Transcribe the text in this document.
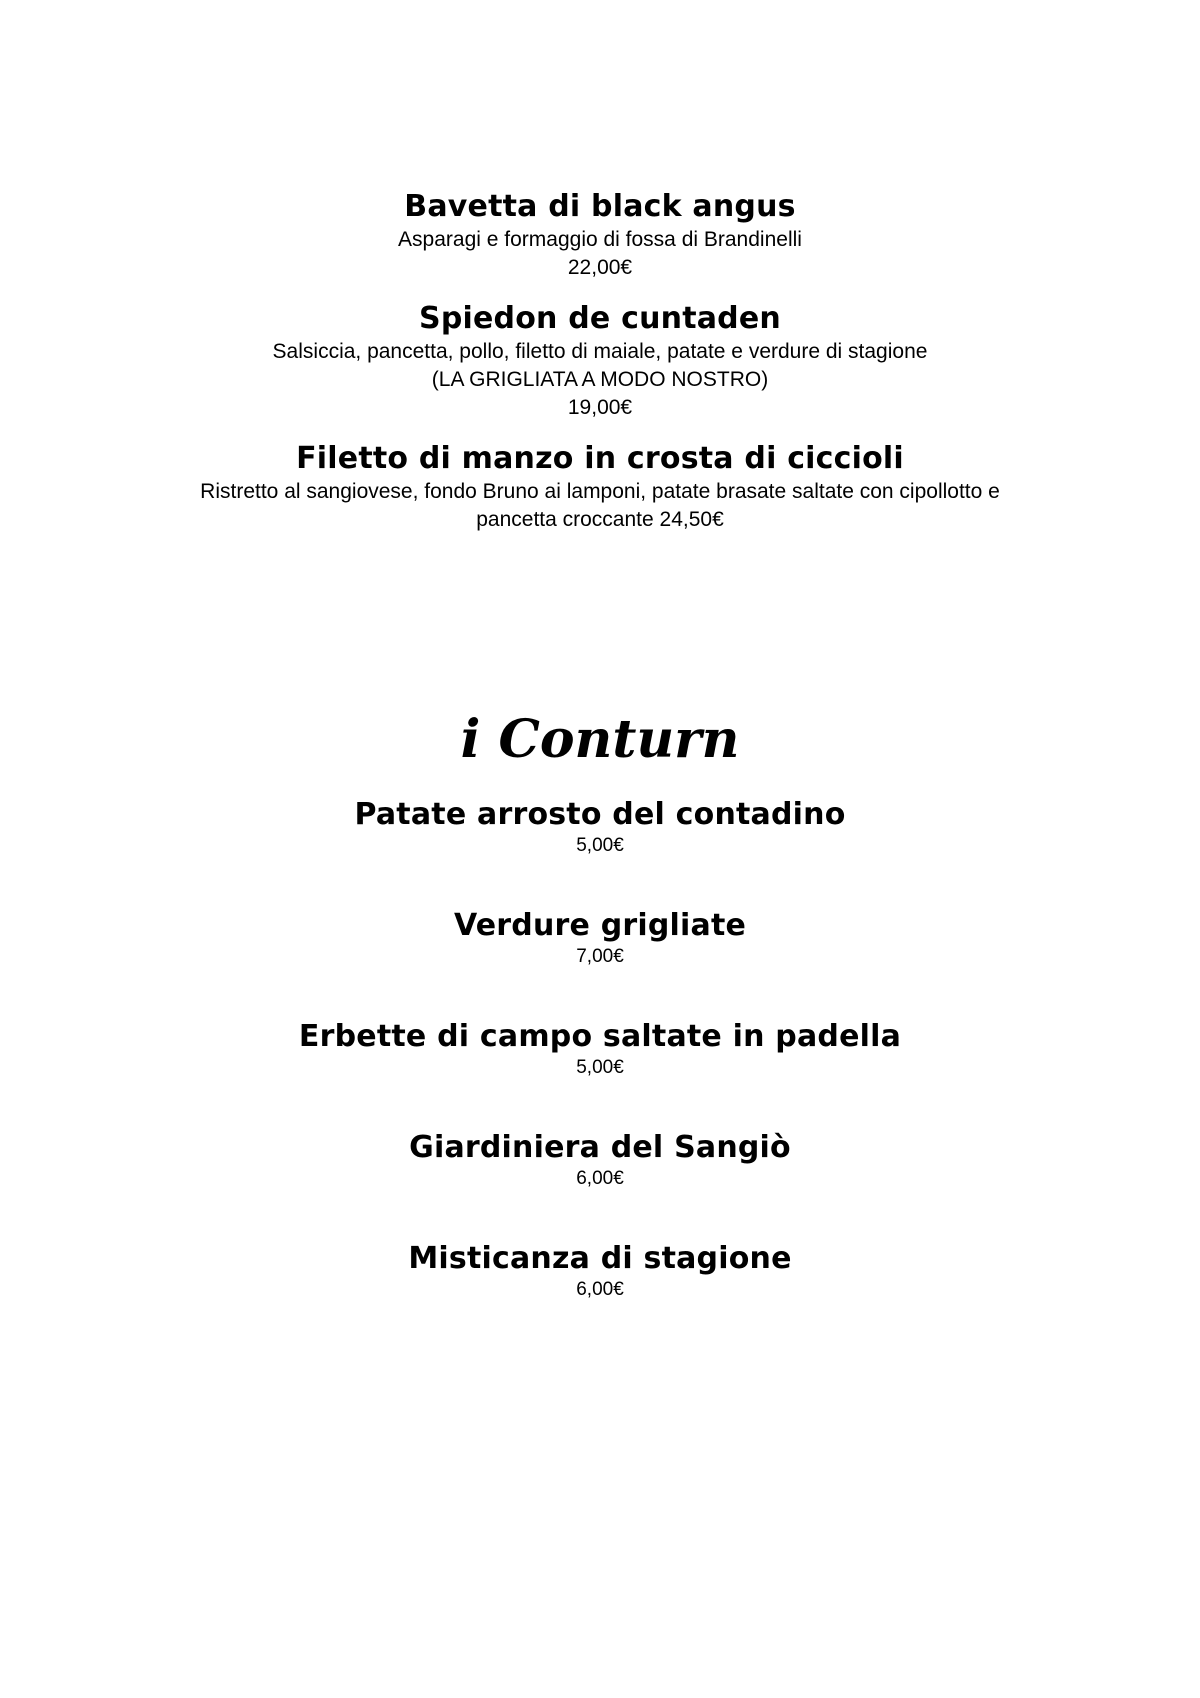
Bavetta di black angus

Asparagi e formaggio di fossa di Brandinelli

22,00€

Spiedon de cuntaden

Salsiccia, pancetta, pollo, filetto di maiale, patate e verdure di stagione

(LA GRIGLIATA A MODO NOSTRO)

19,00€

Filetto di manzo in crosta di ciccioli

Ristretto al sangiovese, fondo Bruno ai lamponi, patate brasate saltate con cipollotto e

pancetta croccante 24,50€

i Conturn

Patate arrosto del contadino

5,00€

Verdure grigliate

7,00€

Erbette di campo saltate in padella

5,00€

Giardiniera del Sangiò

6,00€

Misticanza di stagione

6,00€
